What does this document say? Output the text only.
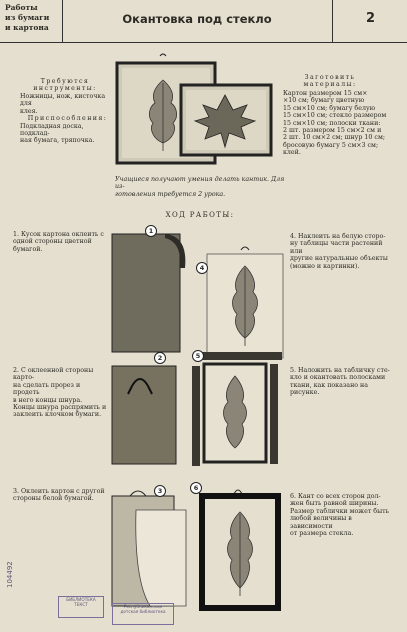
Работы
из бумаги
и картона
Окантовка под стекло	2
Требуются
инструменты:
Ножницы, нож, кисточка для
клея.
Приспособления:
Подкладная доска, подклад-
ная бумага, тряпочка.
Заготовить
материалы:
Картон размером 15 см×
×10 см; бумагу цветную
15 см×10 см; бумагу белую
15 см×10 см; стекло размером
15 см×10 см; полоски ткани:
2 шт. размером 15 см×2 см и
2 шт. 10 см×2 см; шнур 10 см;
бросовую бумагу 5 см×3 см;
клей.
Учащиеся получают умения делать кантик. Для из-
готовления требуется 2 урока.
ХОД РАБОТЫ:
1. Кусок картона оклеить с
одной стороны цветной бумагой.
2. С оклеенной стороны карто-
на сделать прорез и продеть
в него концы шнура.
Концы шнура распрямить и
заклеить клочком бумаги.
3. Оклеить картон с другой
стороны белой бумагой.
4. Наклеить на белую сторо-
ну таблицы части растений или
другие натуральные объекты
(можно и картинки).
5. Наложить на табличку сте-
кло и окантовать полосками
ткани, как показано на рисунке.
6. Кант со всех сторон дол-
жен быть равной ширины.
Размер таблички может быть
любой величины в зависимости
от размера стекла.
1
4
2	5
3	6
БИБЛИОТЕКА
ТЕКСТ	Республиканская
детская библиотека
104492
